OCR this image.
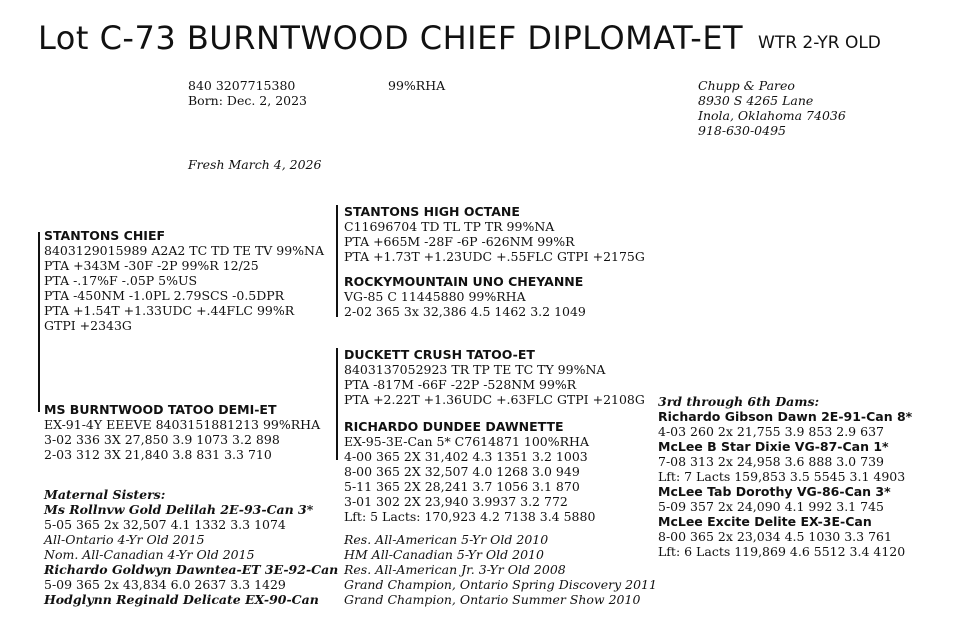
Lot C-73 BURNTWOOD CHIEF DIPLOMAT-ET WTR 2-YR OLD
840 3207715380
Born: Dec. 2, 2023
99%RHA
Fresh March 4, 2026
Chupp & Pareo
8930 S 4265 Lane
Inola, Oklahoma 74036
918-630-0495
STANTONS CHIEF
8403129015989 A2A2 TC TD TE TV 99%NA
PTA +343M -30F -2P 99%R 12/25
PTA -.17%F -.05P 5%US
PTA -450NM -1.0PL 2.79SCS -0.5DPR
PTA +1.54T +1.33UDC +.44FLC 99%R
GTPI +2343G
MS BURNTWOOD TATOO DEMI-ET
EX-91-4Y EEEVE 8403151881213 99%RHA
3-02 336 3X 27,850 3.9 1073 3.2 898
2-03 312 3X 21,840 3.8 831 3.3 710
STANTONS HIGH OCTANE
C11696704 TD TL TP TR 99%NA
PTA +665M -28F -6P -626NM 99%R
PTA +1.73T +1.23UDC +.55FLC GTPI +2175G
ROCKYMOUNTAIN UNO CHEYANNE
VG-85 C 11445880 99%RHA
2-02 365 3x 32,386 4.5 1462 3.2 1049
DUCKETT CRUSH TATOO-ET
8403137052923 TR TP TE TC TY 99%NA
PTA -817M -66F -22P -528NM 99%R
PTA +2.22T +1.36UDC +.63FLC GTPI +2108G
RICHARDO DUNDEE DAWNETTE
EX-95-3E-Can 5* C7614871 100%RHA
4-00 365 2X 31,402 4.3 1351 3.2 1003
8-00 365 2X 32,507 4.0 1268 3.0 949
5-11 365 2X 28,241 3.7 1056 3.1 870
3-01 302 2X 23,940 3.9937 3.2 772
Lft: 5 Lacts: 170,923 4.2 7138 3.4 5880
Res. All-American 5-Yr Old 2010
HM All-Canadian 5-Yr Old 2010
Res. All-American Jr. 3-Yr Old 2008
Grand Champion, Ontario Spring Discovery 2011
Grand Champion, Ontario Summer Show 2010
Maternal Sisters:
Ms Rollnvw Gold Delilah 2E-93-Can 3*
5-05 365 2x 32,507 4.1 1332 3.3 1074
All-Ontario 4-Yr Old 2015
Nom. All-Canadian 4-Yr Old 2015
Richardo Goldwyn Dawntea-ET 3E-92-Can
5-09 365 2x 43,834 6.0 2637 3.3 1429
Hodglynn Reginald Delicate EX-90-Can
3rd through 6th Dams:
Richardo Gibson Dawn 2E-91-Can 8*
4-03 260 2x 21,755 3.9 853 2.9 637
McLee B Star Dixie VG-87-Can 1*
7-08 313 2x 24,958 3.6 888 3.0 739
Lft: 7 Lacts 159,853 3.5 5545 3.1 4903
McLee Tab Dorothy VG-86-Can 3*
5-09 357 2x 24,090 4.1 992 3.1 745
McLee Excite Delite EX-3E-Can
8-00 365 2x 23,034 4.5 1030 3.3 761
Lft: 6 Lacts 119,869 4.6 5512 3.4 4120
